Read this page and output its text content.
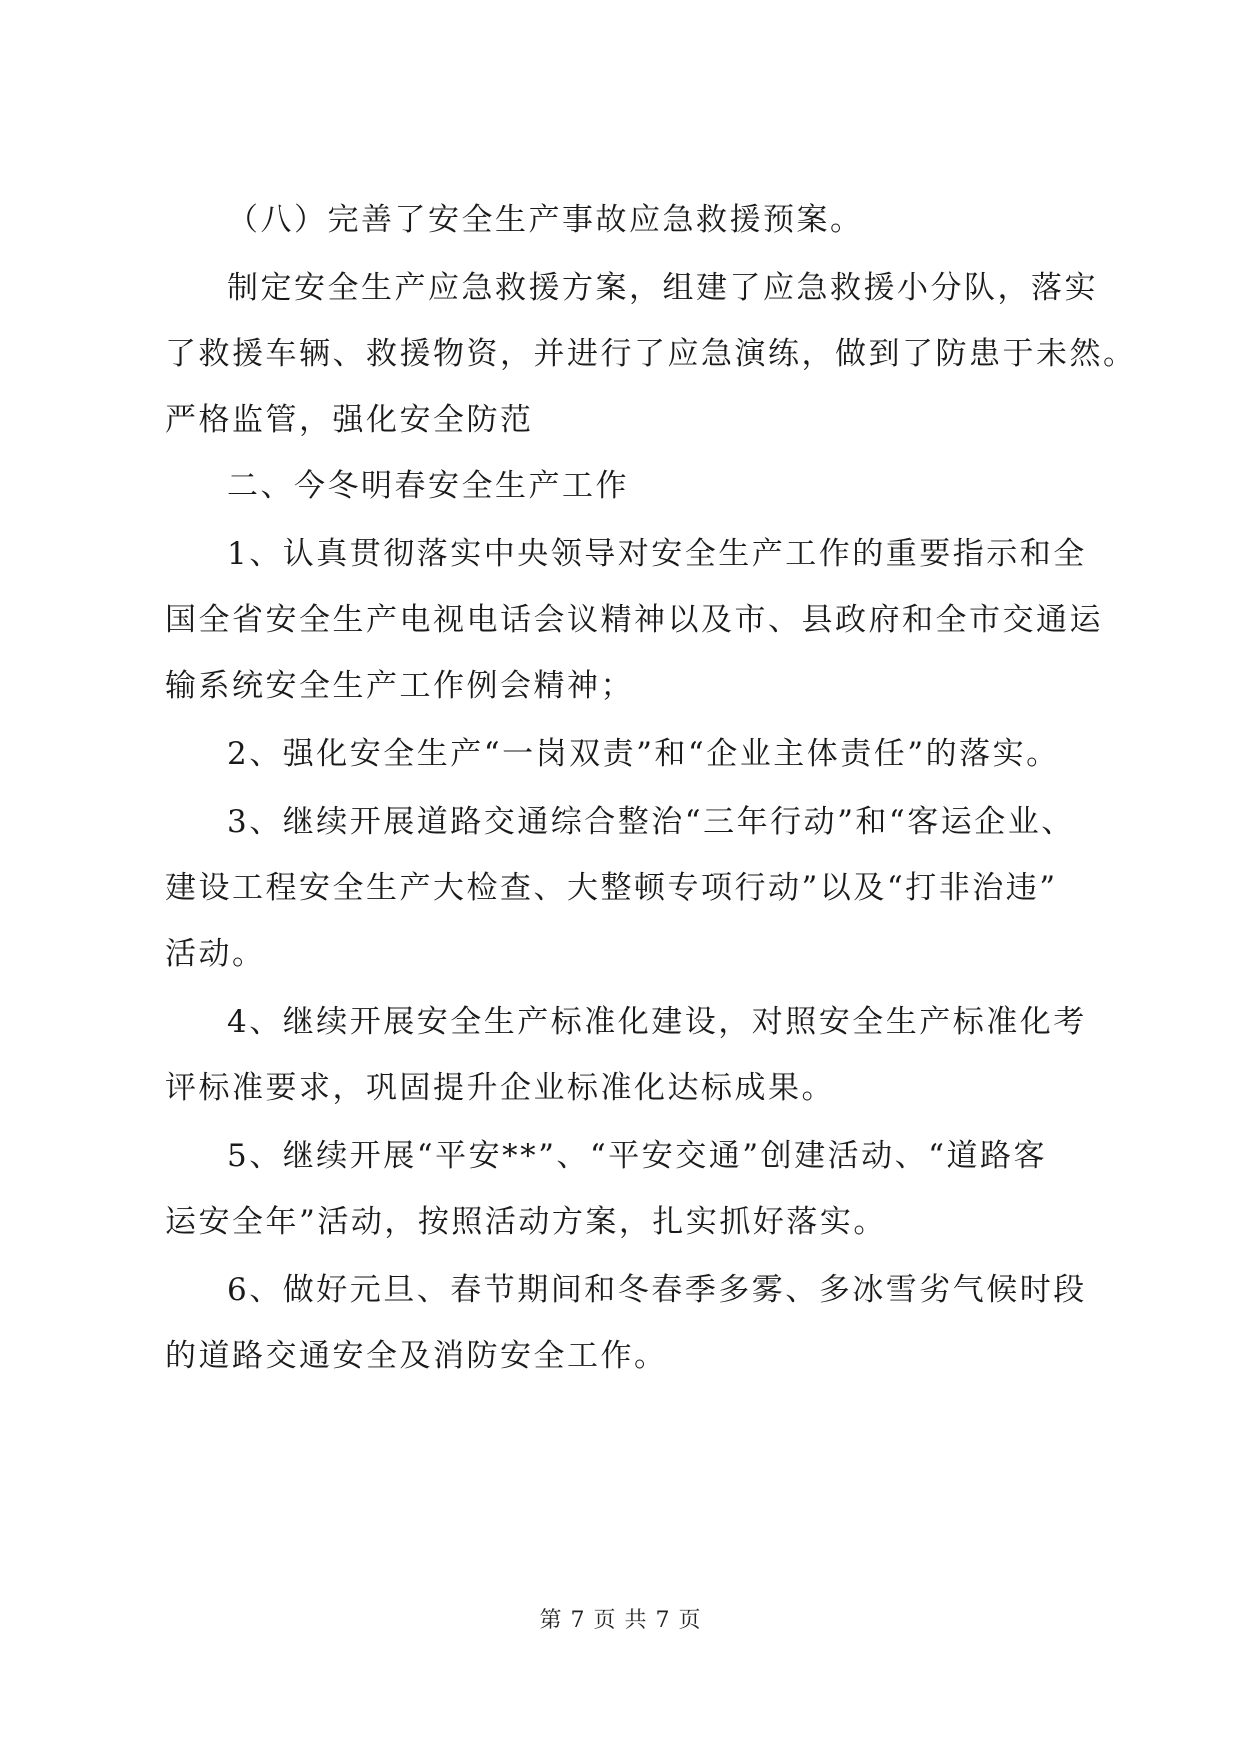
（八）完善了安全生产事故应急救援预案。
制定安全生产应急救援方案，组建了应急救援小分队，落实
了救援车辆、救援物资，并进行了应急演练，做到了防患于未然。
严格监管，强化安全防范
二、今冬明春安全生产工作
1、认真贯彻落实中央领导对安全生产工作的重要指示和全
国全省安全生产电视电话会议精神以及市、县政府和全市交通运
输系统安全生产工作例会精神；
2、强化安全生产“一岗双责”和“企业主体责任”的落实。
3、继续开展道路交通综合整治“三年行动”和“客运企业、
建设工程安全生产大检查、大整顿专项行动”以及“打非治违”
活动。
4、继续开展安全生产标准化建设，对照安全生产标准化考
评标准要求，巩固提升企业标准化达标成果。
5、继续开展“平安**”、“平安交通”创建活动、“道路客
运安全年”活动，按照活动方案，扎实抓好落实。
6、做好元旦、春节期间和冬春季多雾、多冰雪劣气候时段
的道路交通安全及消防安全工作。
第 7 页 共 7 页
